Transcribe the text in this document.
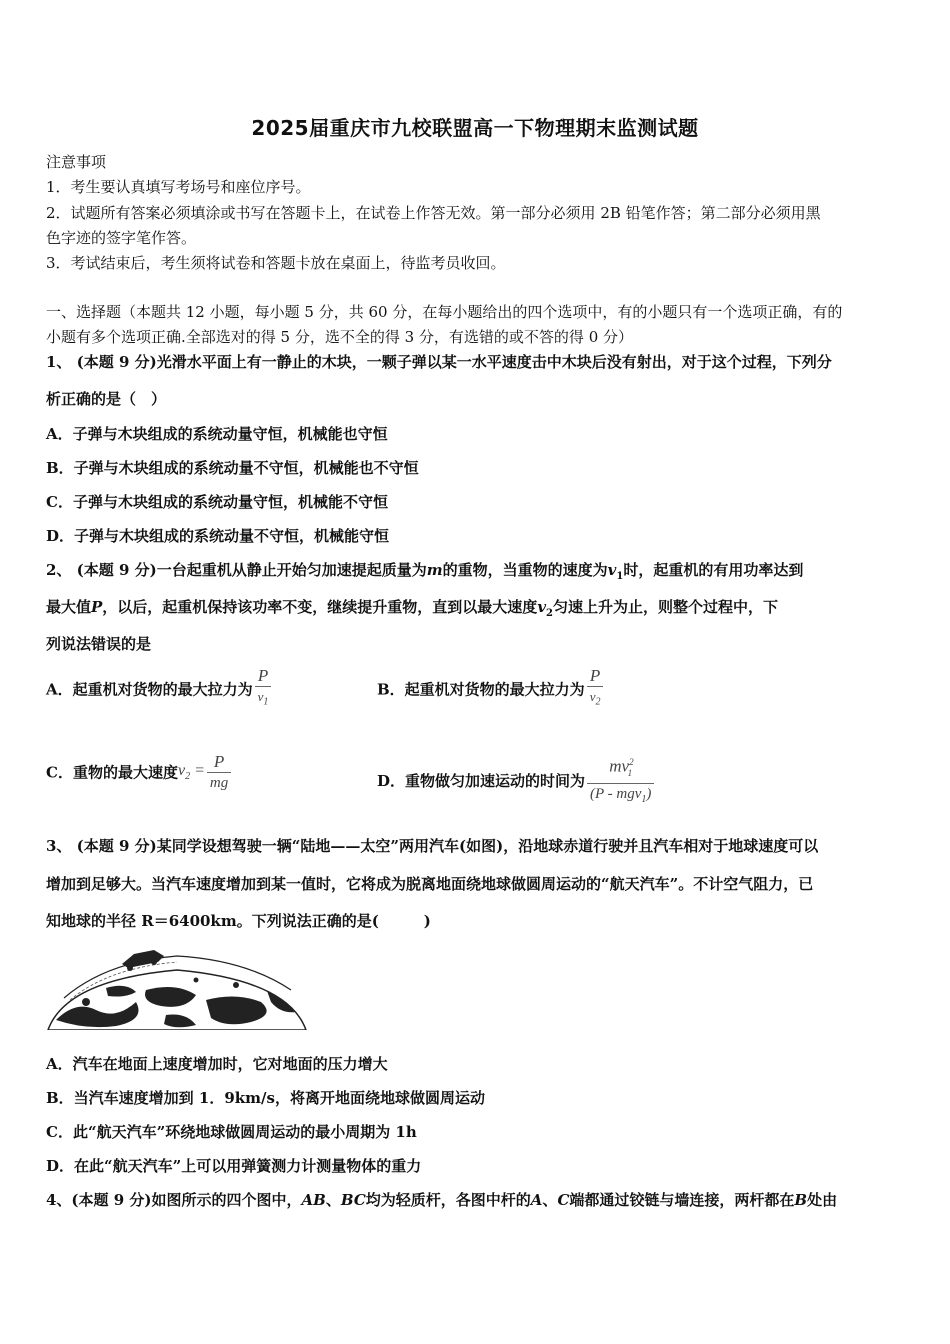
2025届重庆市九校联盟高一下物理期末监测试题
注意事项
1．考生要认真填写考场号和座位序号。
2．试题所有答案必须填涂或书写在答题卡上，在试卷上作答无效。第一部分必须用 2B 铅笔作答；第二部分必须用黑
色字迹的签字笔作答。
3．考试结束后，考生须将试卷和答题卡放在桌面上，待监考员收回。
一、选择题（本题共 12 小题，每小题 5 分，共 60 分，在每小题给出的四个选项中，有的小题只有一个选项正确，有的
小题有多个选项正确.全部选对的得 5 分，选不全的得 3 分，有选错的或不答的得 0 分）
1、 (本题 9 分)光滑水平面上有一静止的木块，一颗子弹以某一水平速度击中木块后没有射出，对于这个过程，下列分
析正确的是（　）
A．子弹与木块组成的系统动量守恒，机械能也守恒
B．子弹与木块组成的系统动量不守恒，机械能也不守恒
C．子弹与木块组成的系统动量守恒，机械能不守恒
D．子弹与木块组成的系统动量不守恒，机械能守恒
2、 (本题 9 分)一台起重机从静止开始匀加速提起质量为m的重物，当重物的速度为$v_1$时，起重机的有用功率达到
最大值P，以后，起重机保持该功率不变，继续提升重物，直到以最大速度$v_2$匀速上升为止，则整个过程中，下
列说法错误的是
A．起重机对货物的最大拉力为 $\frac{P}{v_1}$	B．起重机对货物的最大拉力为 $\frac{P}{v_2}$
C．重物的最大速度$v_2 = \frac{P}{mg}$	D．重物做匀加速运动的时间为 $\frac{mv^2_1}{(P - mgv_1)}$
3、 (本题 9 分)某同学设想驾驶一辆“陆地——太空”两用汽车(如图)，沿地球赤道行驶并且汽车相对于地球速度可以
增加到足够大。当汽车速度增加到某一值时，它将成为脱离地面绕地球做圆周运动的“航天汽车”。不计空气阻力，已
知地球的半径 R＝6400km。下列说法正确的是(　　　)
A．汽车在地面上速度增加时，它对地面的压力增大
B．当汽车速度增加到 1．9km/s，将离开地面绕地球做圆周运动
C．此“航天汽车”环绕地球做圆周运动的最小周期为 1h
D．在此“航天汽车”上可以用弹簧测力计测量物体的重力
4、(本题 9 分)如图所示的四个图中，AB、BC均为轻质杆，各图中杆的A、C端都通过铰链与墙连接，两杆都在B处由
